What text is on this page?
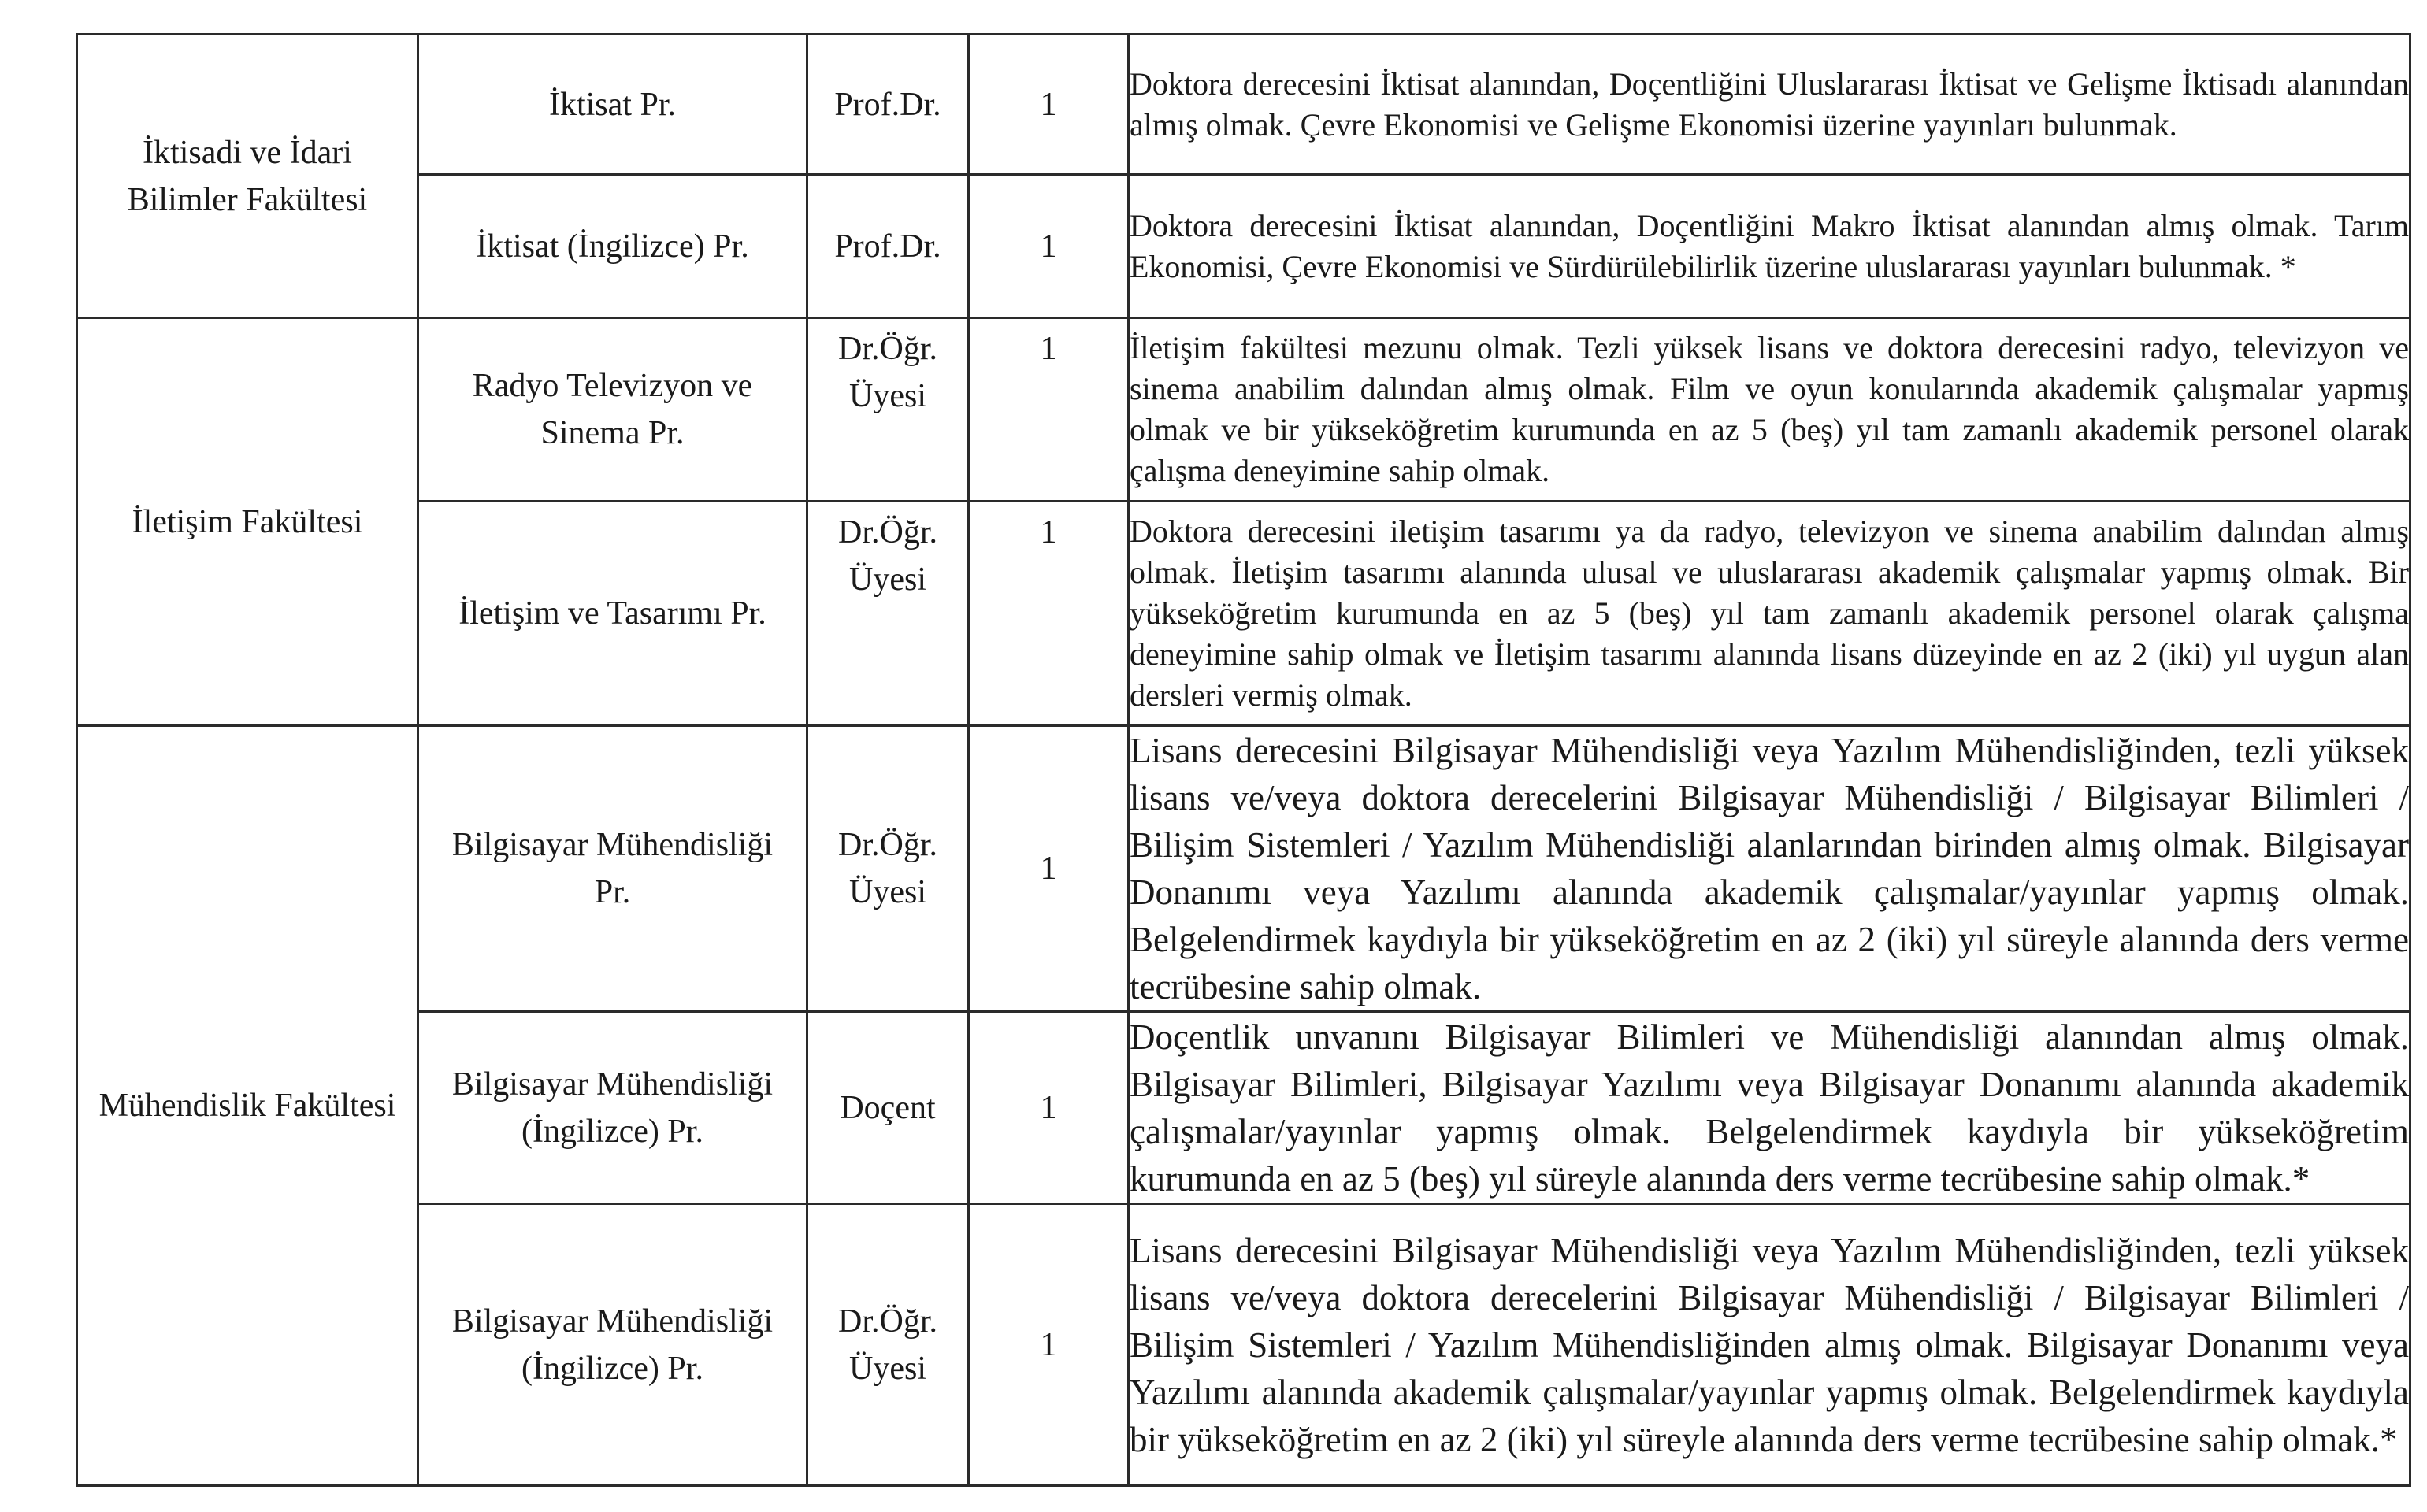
İktisadi ve İdari
Bilimler Fakültesi	İktisat Pr.	Prof.Dr.	1	Doktora derecesini İktisat alanından, Doçentliğini Uluslararası İktisat ve Gelişme İktisadı alanından almış olmak. Çevre Ekonomisi ve Gelişme Ekonomisi üzerine yayınları bulunmak.

	İktisat (İngilizce) Pr.	Prof.Dr.	1	Doktora derecesini İktisat alanından, Doçentliğini Makro İktisat alanından almış olmak. Tarım Ekonomisi, Çevre Ekonomisi ve Sürdürülebilirlik üzerine uluslararası yayınları bulunmak. *

İletişim Fakültesi	Radyo Televizyon ve
Sinema Pr.	Dr.Öğr.
Üyesi	1	İletişim fakültesi mezunu olmak. Tezli yüksek lisans ve doktora derecesini radyo, televizyon ve sinema anabilim dalından almış olmak. Film ve oyun konularında akademik çalışmalar yapmış olmak ve bir yükseköğretim kurumunda en az 5 (beş) yıl tam zamanlı akademik personel olarak çalışma deneyimine sahip olmak.

	İletişim ve Tasarımı Pr.	Dr.Öğr.
Üyesi	1	Doktora derecesini iletişim tasarımı ya da radyo, televizyon ve sinema anabilim dalından almış olmak. İletişim tasarımı alanında ulusal ve uluslararası akademik çalışmalar yapmış olmak. Bir yükseköğretim kurumunda en az 5 (beş) yıl tam zamanlı akademik personel olarak çalışma deneyimine sahip olmak ve İletişim tasarımı alanında lisans düzeyinde en az 2 (iki) yıl uygun alan dersleri vermiş olmak.

Mühendislik Fakültesi	Bilgisayar Mühendisliği
Pr.	Dr.Öğr.
Üyesi	1	Lisans derecesini Bilgisayar Mühendisliği veya Yazılım Mühendisliğinden, tezli yüksek lisans ve/veya doktora derecelerini Bilgisayar Mühendisliği / Bilgisayar Bilimleri / Bilişim Sistemleri / Yazılım Mühendisliği alanlarından birinden almış olmak. Bilgisayar Donanımı veya Yazılımı alanında akademik çalışmalar/yayınlar yapmış olmak. Belgelendirmek kaydıyla bir yükseköğretim en az 2 (iki) yıl süreyle alanında ders verme tecrübesine sahip olmak.

	Bilgisayar Mühendisliği
(İngilizce) Pr.	Doçent	1	Doçentlik unvanını Bilgisayar Bilimleri ve Mühendisliği alanından almış olmak. Bilgisayar Bilimleri, Bilgisayar Yazılımı veya Bilgisayar Donanımı alanında akademik çalışmalar/yayınlar yapmış olmak. Belgelendirmek kaydıyla bir yükseköğretim kurumunda en az 5 (beş) yıl süreyle alanında ders verme tecrübesine sahip olmak.*

	Bilgisayar Mühendisliği
(İngilizce) Pr.	Dr.Öğr.
Üyesi	1	Lisans derecesini Bilgisayar Mühendisliği veya Yazılım Mühendisliğinden, tezli yüksek lisans ve/veya doktora derecelerini Bilgisayar Mühendisliği / Bilgisayar Bilimleri / Bilişim Sistemleri / Yazılım Mühendisliğinden almış olmak. Bilgisayar Donanımı veya Yazılımı alanında akademik çalışmalar/yayınlar yapmış olmak. Belgelendirmek kaydıyla bir yükseköğretim en az 2 (iki) yıl süreyle alanında ders verme tecrübesine sahip olmak.*
